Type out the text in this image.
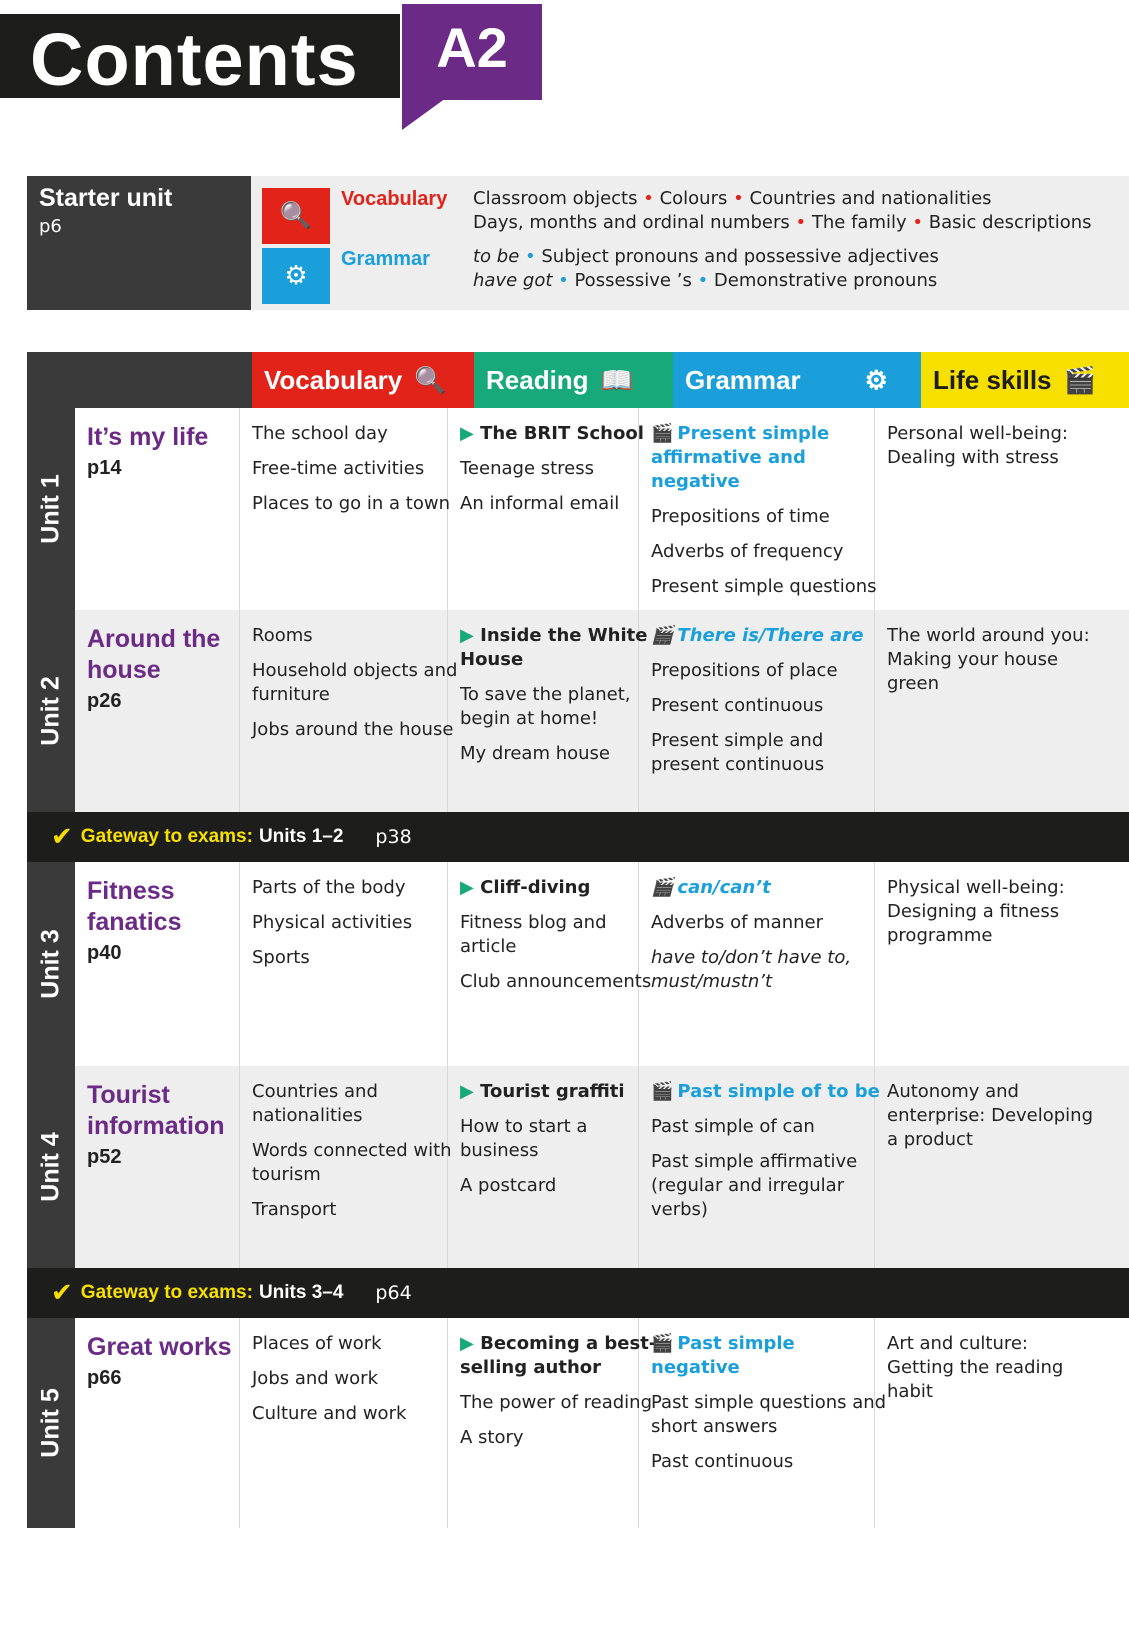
Contents	A2
Starter unit
p6	🔍
⚙
Vocabulary
Grammar
Classroom objects • Colours • Countries and nationalities
Days, months and ordinal numbers • The family • Basic descriptions
to be • Subject pronouns and possessive adjectives
have got • Possessive ’s • Demonstrative pronouns
Vocabulary 🔍 Reading 📖 Grammar ⚙ Life skills 🎬
Unit 1
It’s my life
p14

The school day

Free-time activities

Places to go in a town

▶ The BRIT School

Teenage stress

An informal email

🎬 Present simple affirmative and negative

Prepositions of time

Adverbs of frequency

Present simple questions

Personal well-being: Dealing with stress

Unit 2
Around the house
p26

Rooms

Household objects and furniture

Jobs around the house

▶ Inside the White House

To save the planet, begin at home!

My dream house

🎬 There is/There are

Prepositions of place

Present continuous

Present simple and present continuous

The world around you: Making your house green

✔ Gateway to exams: Units 1–2 p38
Unit 3
Fitness fanatics
p40

Parts of the body

Physical activities

Sports

▶ Cliff-diving

Fitness blog and article

Club announcements

🎬 can/can’t

Adverbs of manner

have to/don’t have to, must/mustn’t

Physical well-being: Designing a fitness programme

Unit 4
Tourist information
p52

Countries and nationalities

Words connected with tourism

Transport

▶ Tourist graffiti

How to start a business

A postcard

🎬 Past simple of to be

Past simple of can

Past simple affirmative (regular and irregular verbs)

Autonomy and enterprise: Developing a product

✔ Gateway to exams: Units 3–4 p64
Unit 5
Great works
p66

Places of work

Jobs and work

Culture and work

▶ Becoming a best-selling author

The power of reading

A story

🎬 Past simple negative

Past simple questions and short answers

Past continuous

Art and culture: Getting the reading habit
